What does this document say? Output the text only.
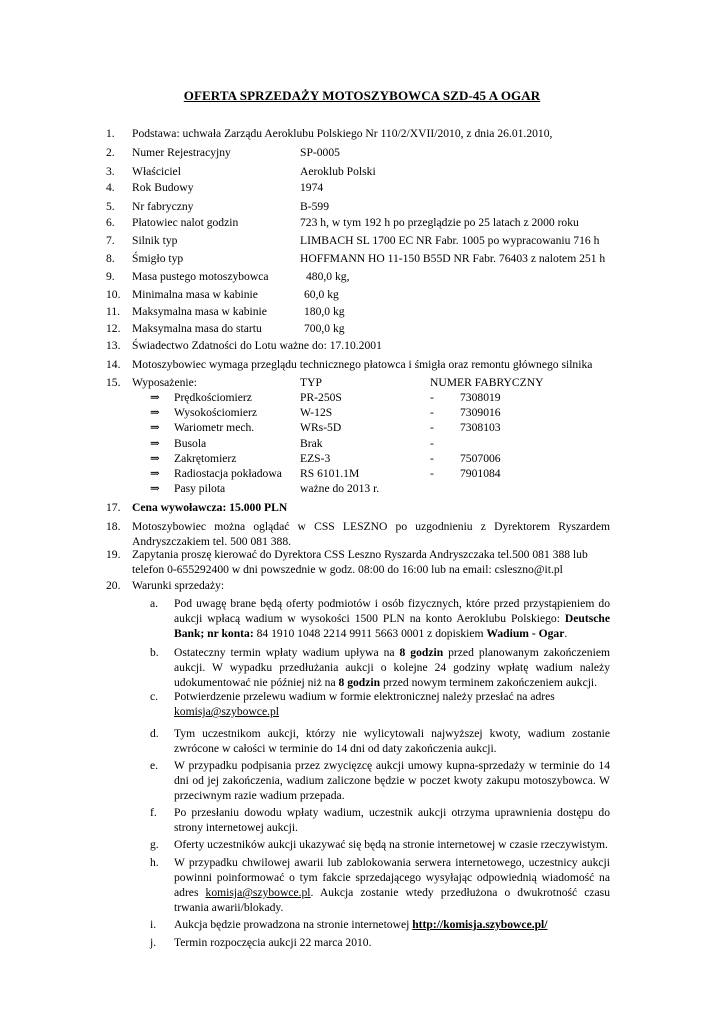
OFERTA SPRZEDAŻY MOTOSZYBOWCA SZD-45 A OGAR
1.	Podstawa: uchwała Zarządu Aeroklubu Polskiego Nr 110/2/XVII/2010, z dnia 26.01.2010,
2.	Numer Rejestracyjny	SP-0005
3.	Właściciel	Aeroklub Polski
4.	Rok Budowy	1974
5.	Nr fabryczny	B-599
6.	Płatowiec nalot godzin	723 h, w tym 192 h po przeglądzie po 25 latach z 2000 roku
7.	Silnik typ	LIMBACH SL 1700 EC NR Fabr. 1005 po wypracowaniu 716 h
8.	Śmigło typ	HOFFMANN HO 11-150 B55D NR Fabr. 76403 z nalotem 251 h
9.	Masa pustego motoszybowca	480,0 kg,
10. Minimalna masa w kabinie	60,0 kg
11.	Maksymalna masa w kabinie	180,0 kg
12. Maksymalna masa do startu	700,0 kg
13. Świadectwo Zdatności do Lotu ważne do: 17.10.2001
14. Motoszybowiec wymaga przeglądu technicznego płatowca i śmigła oraz remontu głównego silnika
15. Wyposażenie:	TYP	NUMER FABRYCZNY
⇒ Prędkościomierz	PR-250S	- 7308019
⇒ Wysokościomierz	W-12S	- 7309016
⇒ Wariometr mech.	WRs-5D	- 7308103
⇒ Busola	Brak	-
⇒ Zakrętomierz	EZS-3	- 7507006
⇒ Radiostacja pokładowa RS 6101.1M	- 7901084
⇒ Pasy pilota	ważne do 2013 r.
17. Cena wywoławcza: 15.000 PLN
18. Motoszybowiec można oglądać w CSS LESZNO po uzgodnieniu z Dyrektorem Ryszardem Andryszczakiem tel. 500 081 388.
19. Zapytania proszę kierować do Dyrektora CSS Leszno Ryszarda Andryszczaka tel.500 081 388 lub telefon 0-655292400 w dni powszednie w godz. 08:00 do 16:00 lub na email: csleszno@it.pl
20. Warunki sprzedaży:
a. Pod uwagę brane będą oferty podmiotów i osób fizycznych, które przed przystąpieniem do aukcji wpłacą wadium w wysokości 1500 PLN na konto Aeroklubu Polskiego: Deutsche Bank; nr konta: 84 1910 1048 2214 9911 5663 0001 z dopiskiem Wadium - Ogar.
b. Ostateczny termin wpłaty wadium upływa na 8 godzin przed planowanym zakończeniem aukcji. W wypadku przedłużania aukcji o kolejne 24 godziny wpłatę wadium należy udokumentować nie później niż na 8 godzin przed nowym terminem zakończeniem aukcji.
c. Potwierdzenie przelewu wadium w formie elektronicznej należy przesłać na adres
komisja@szybowce.pl
d. Tym uczestnikom aukcji, którzy nie wylicytowali najwyższej kwoty, wadium zostanie zwrócone w całości w terminie do 14 dni od daty zakończenia aukcji.
e. W przypadku podpisania przez zwycięzcę aukcji umowy kupna-sprzedaży w terminie do 14 dni od jej zakończenia, wadium zaliczone będzie w poczet kwoty zakupu motoszybowca. W przeciwnym razie wadium przepada.
f. Po przesłaniu dowodu wpłaty wadium, uczestnik aukcji otrzyma uprawnienia dostępu do strony internetowej aukcji.
g. Oferty uczestników aukcji ukazywać się będą na stronie internetowej w czasie rzeczywistym.
h. W przypadku chwilowej awarii lub zablokowania serwera internetowego, uczestnicy aukcji powinni poinformować o tym fakcie sprzedającego wysyłając odpowiednią wiadomość na adres komisja@szybowce.pl. Aukcja zostanie wtedy przedłużona o dwukrotność czasu trwania awarii/blokady.
i. Aukcja będzie prowadzona na stronie internetowej http://komisja.szybowce.pl/
j. Termin rozpoczęcia aukcji 22 marca 2010.
